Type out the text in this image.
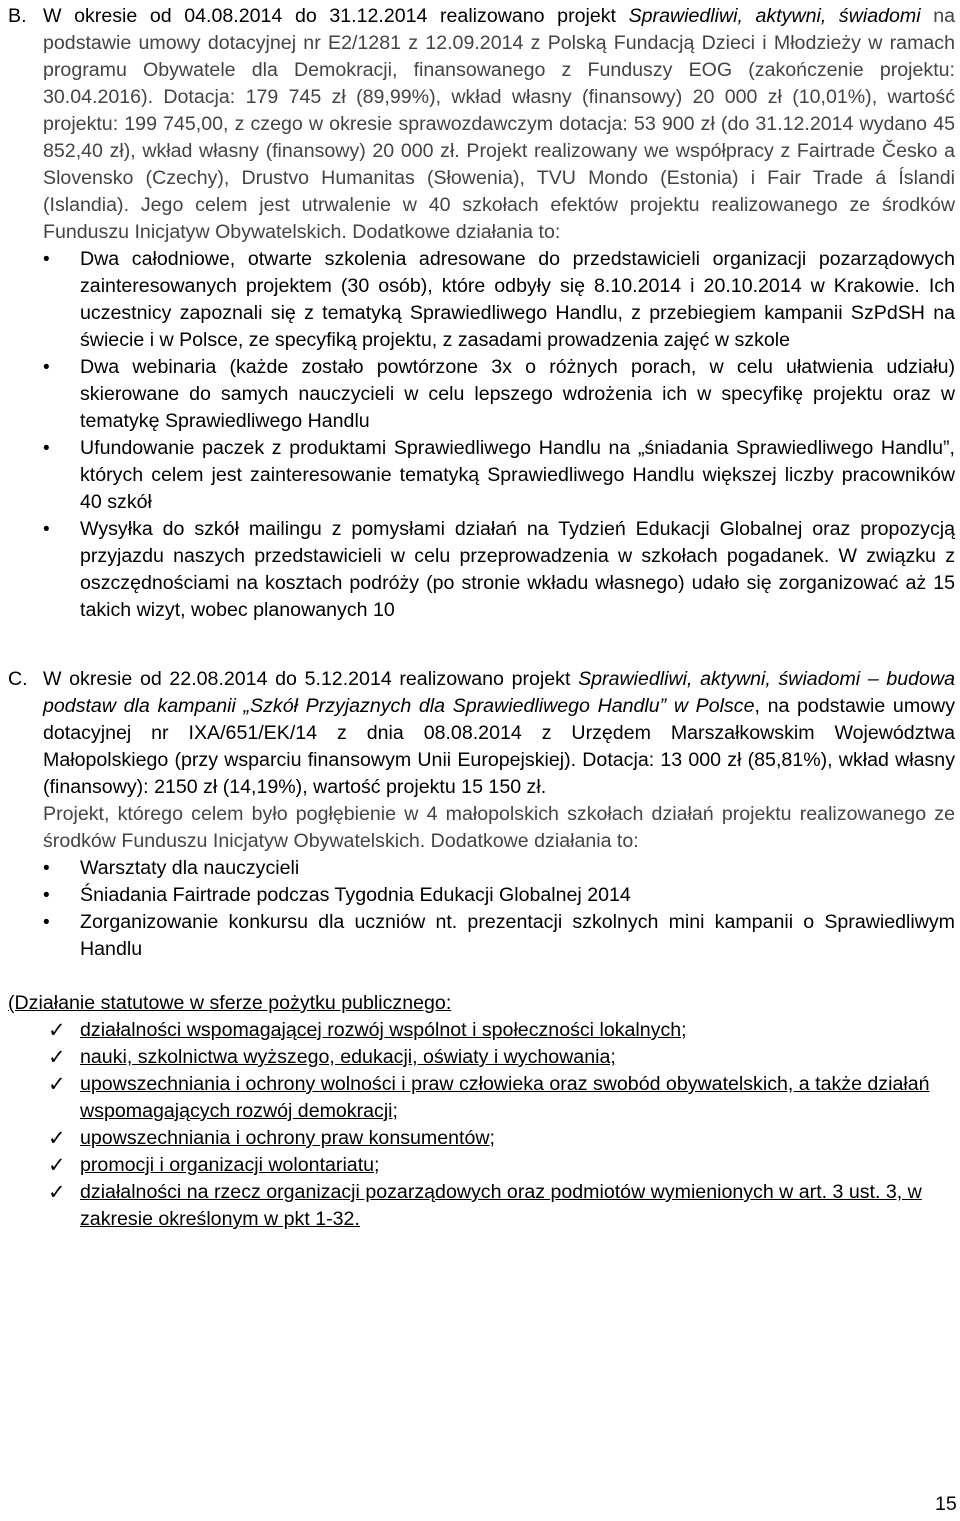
B. W okresie od 04.08.2014 do 31.12.2014 realizowano projekt Sprawiedliwi, aktywni, świadomi na podstawie umowy dotacyjnej nr E2/1281 z 12.09.2014 z Polską Fundacją Dzieci i Młodzieży w ramach programu Obywatele dla Demokracji, finansowanego z Funduszy EOG (zakończenie projektu: 30.04.2016). Dotacja: 179 745 zł (89,99%), wkład własny (finansowy) 20 000 zł (10,01%), wartość projektu: 199 745,00, z czego w okresie sprawozdawczym dotacja: 53 900 zł (do 31.12.2014 wydano 45 852,40 zł), wkład własny (finansowy) 20 000 zł. Projekt realizowany we współpracy z Fairtrade Česko a Slovensko (Czechy), Drustvo Humanitas (Słowenia), TVU Mondo (Estonia) i Fair Trade á Íslandi (Islandia). Jego celem jest utrwalenie w 40 szkołach efektów projektu realizowanego ze środków Funduszu Inicjatyw Obywatelskich. Dodatkowe działania to:

• Dwa całodniowe, otwarte szkolenia adresowane do przedstawicieli organizacji pozarządowych zainteresowanych projektem (30 osób), które odbyły się 8.10.2014 i 20.10.2014 w Krakowie. Ich uczestnicy zapoznali się z tematyką Sprawiedliwego Handlu, z przebiegiem kampanii SzPdSH na świecie i w Polsce, ze specyfiką projektu, z zasadami prowadzenia zajęć w szkole
• Dwa webinaria (każde zostało powtórzone 3x o różnych porach, w celu ułatwienia udziału) skierowane do samych nauczycieli w celu lepszego wdrożenia ich w specyfikę projektu oraz w tematykę Sprawiedliwego Handlu
• Ufundowanie paczek z produktami Sprawiedliwego Handlu na „śniadania Sprawiedliwego Handlu”, których celem jest zainteresowanie tematyką Sprawiedliwego Handlu większej liczby pracowników 40 szkół
• Wysyłka do szkół mailingu z pomysłami działań na Tydzień Edukacji Globalnej oraz propozycją przyjazdu naszych przedstawicieli w celu przeprowadzenia w szkołach pogadanek. W związku z oszczędnościami na kosztach podróży (po stronie wkładu własnego) udało się zorganizować aż 15 takich wizyt, wobec planowanych 10
C. W okresie od 22.08.2014 do 5.12.2014 realizowano projekt Sprawiedliwi, aktywni, świadomi – budowa podstaw dla kampanii „Szkół Przyjaznych dla Sprawiedliwego Handlu” w Polsce, na podstawie umowy dotacyjnej nr IXA/651/EK/14 z dnia 08.08.2014 z Urzędem Marszałkowskim Województwa Małopolskiego (przy wsparciu finansowym Unii Europejskiej). Dotacja: 13 000 zł (85,81%), wkład własny (finansowy): 2150 zł (14,19%), wartość projektu 15 150 zł.

Projekt, którego celem było pogłębienie w 4 małopolskich szkołach działań projektu realizowanego ze środków Funduszu Inicjatyw Obywatelskich. Dodatkowe działania to:

• Warsztaty dla nauczycieli
• Śniadania Fairtrade podczas Tygodnia Edukacji Globalnej 2014
• Zorganizowanie konkursu dla uczniów nt. prezentacji szkolnych mini kampanii o Sprawiedliwym Handlu
(Działanie statutowe w sferze pożytku publicznego:
✓ działalności wspomagającej rozwój wspólnot i społeczności lokalnych;
✓ nauki, szkolnictwa wyższego, edukacji, oświaty i wychowania;
✓ upowszechniania i ochrony wolności i praw człowieka oraz swobód obywatelskich, a także działań wspomagających rozwój demokracji;
✓ upowszechniania i ochrony praw konsumentów;
✓ promocji i organizacji wolontariatu;
✓ działalności na rzecz organizacji pozarządowych oraz podmiotów wymienionych w art. 3 ust. 3, w zakresie określonym w pkt 1-32.
15
